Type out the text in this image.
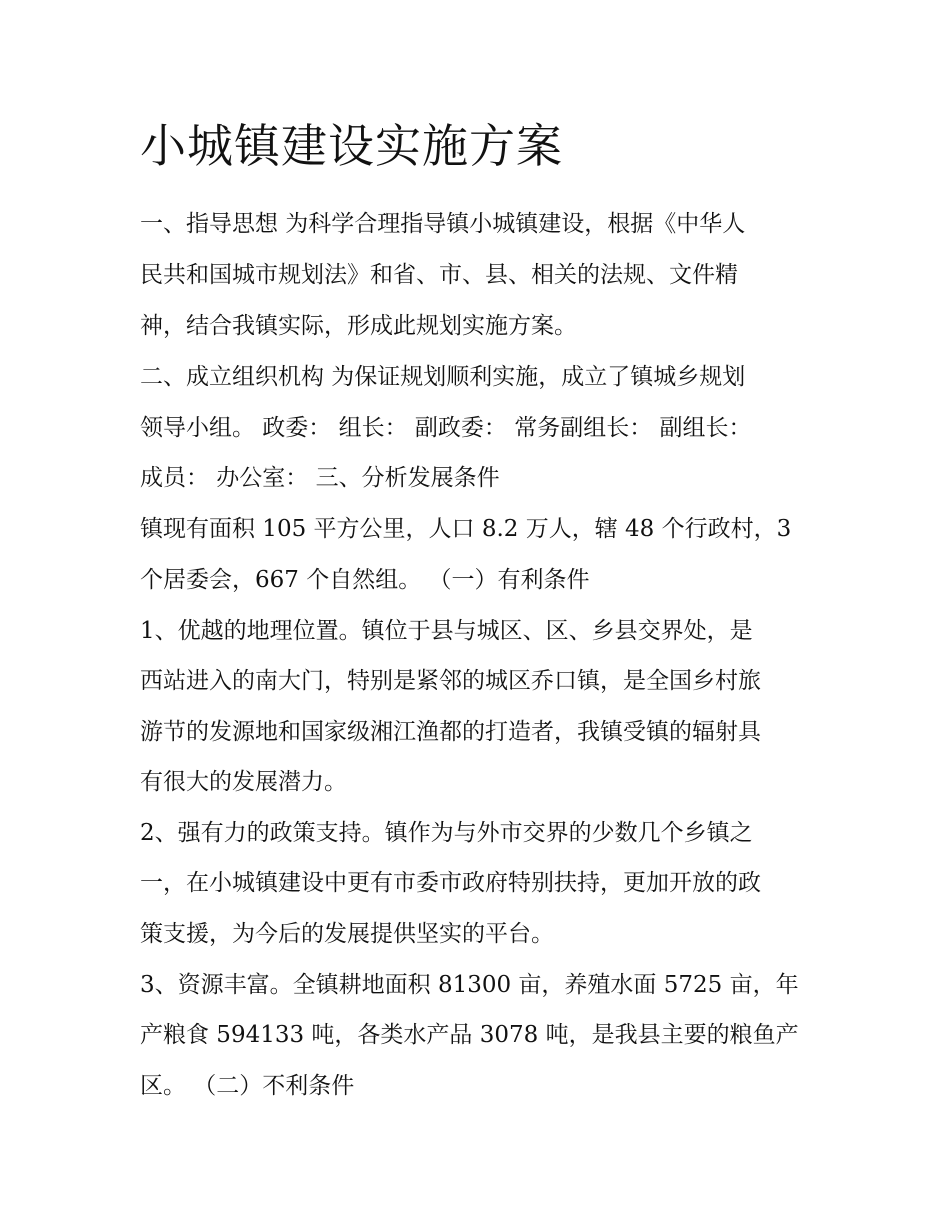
小城镇建设实施方案

一、指导思想 为科学合理指导镇小城镇建设，根据《中华人

民共和国城市规划法》和省、市、县、相关的法规、文件精

神，结合我镇实际，形成此规划实施方案。

二、成立组织机构 为保证规划顺利实施，成立了镇城乡规划

领导小组。 政委： 组长： 副政委： 常务副组长： 副组长：

成员： 办公室： 三、分析发展条件

镇现有面积 105 平方公里，人口 8.2 万人，辖 48 个行政村，3

个居委会，667 个自然组。 （一）有利条件

1、优越的地理位置。镇位于县与城区、区、乡县交界处，是

西站进入的南大门，特别是紧邻的城区乔口镇，是全国乡村旅

游节的发源地和国家级湘江渔都的打造者，我镇受镇的辐射具

有很大的发展潜力。

2、强有力的政策支持。镇作为与外市交界的少数几个乡镇之

一，在小城镇建设中更有市委市政府特别扶持，更加开放的政

策支援，为今后的发展提供坚实的平台。

3、资源丰富。全镇耕地面积 81300 亩，养殖水面 5725 亩，年

产粮食 594133 吨，各类水产品 3078 吨，是我县主要的粮鱼产

区。 （二）不利条件
